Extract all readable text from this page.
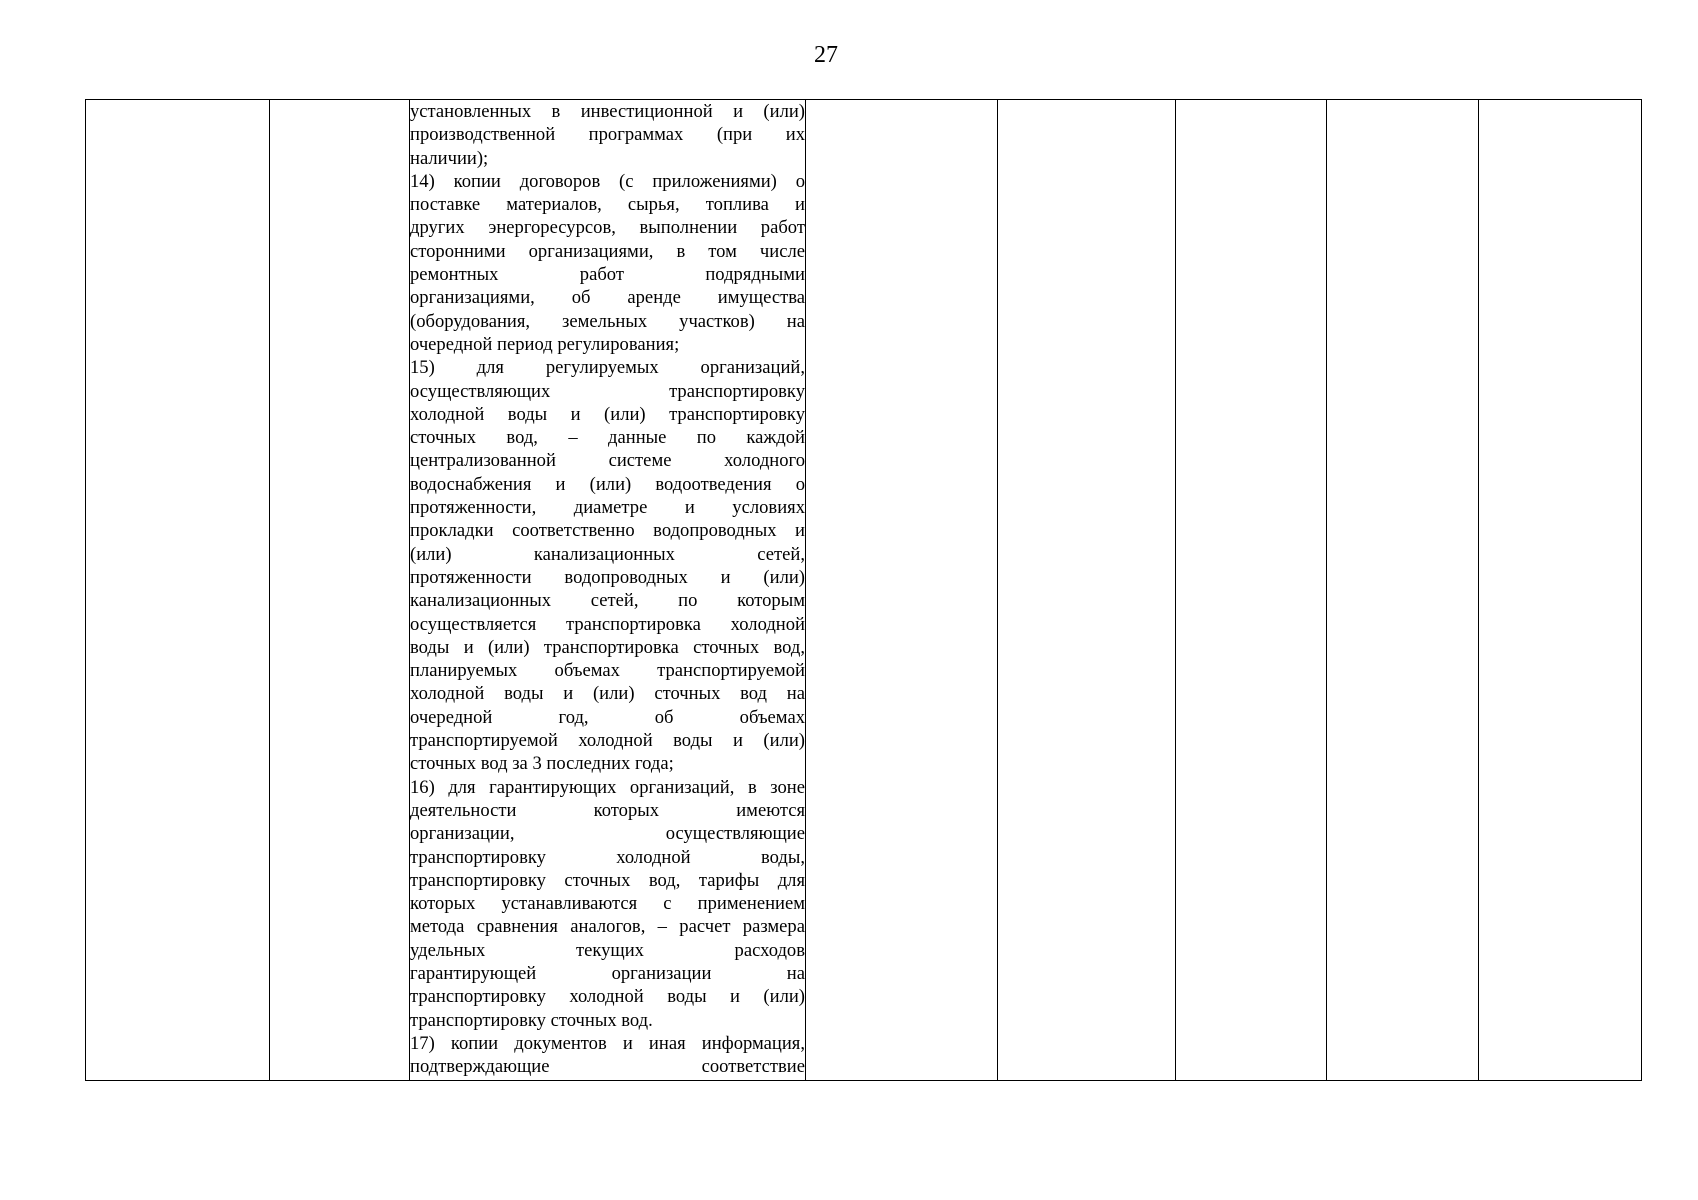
27

установленных в инвестиционной и (или)
производственной программах (при их
наличии);
14) копии договоров (с приложениями) о
поставке материалов, сырья, топлива и
других энергоресурсов, выполнении работ
сторонними организациями, в том числе
ремонтных работ подрядными
организациями, об аренде имущества
(оборудования, земельных участков) на
очередной период регулирования;
15) для регулируемых организаций,
осуществляющих транспортировку
холодной воды и (или) транспортировку
сточных вод, – данные по каждой
централизованной системе холодного
водоснабжения и (или) водоотведения о
протяженности, диаметре и условиях
прокладки соответственно водопроводных и
(или) канализационных сетей,
протяженности водопроводных и (или)
канализационных сетей, по которым
осуществляется транспортировка холодной
воды и (или) транспортировка сточных вод,
планируемых объемах транспортируемой
холодной воды и (или) сточных вод на
очередной год, об объемах
транспортируемой холодной воды и (или)
сточных вод за 3 последних года;
16) для гарантирующих организаций, в зоне
деятельности которых имеются
организации, осуществляющие
транспортировку холодной воды,
транспортировку сточных вод, тарифы для
которых устанавливаются с применением
метода сравнения аналогов, – расчет размера
удельных текущих расходов
гарантирующей организации на
транспортировку холодной воды и (или)
транспортировку сточных вод.
17) копии документов и иная информация,
подтверждающие соответствие
